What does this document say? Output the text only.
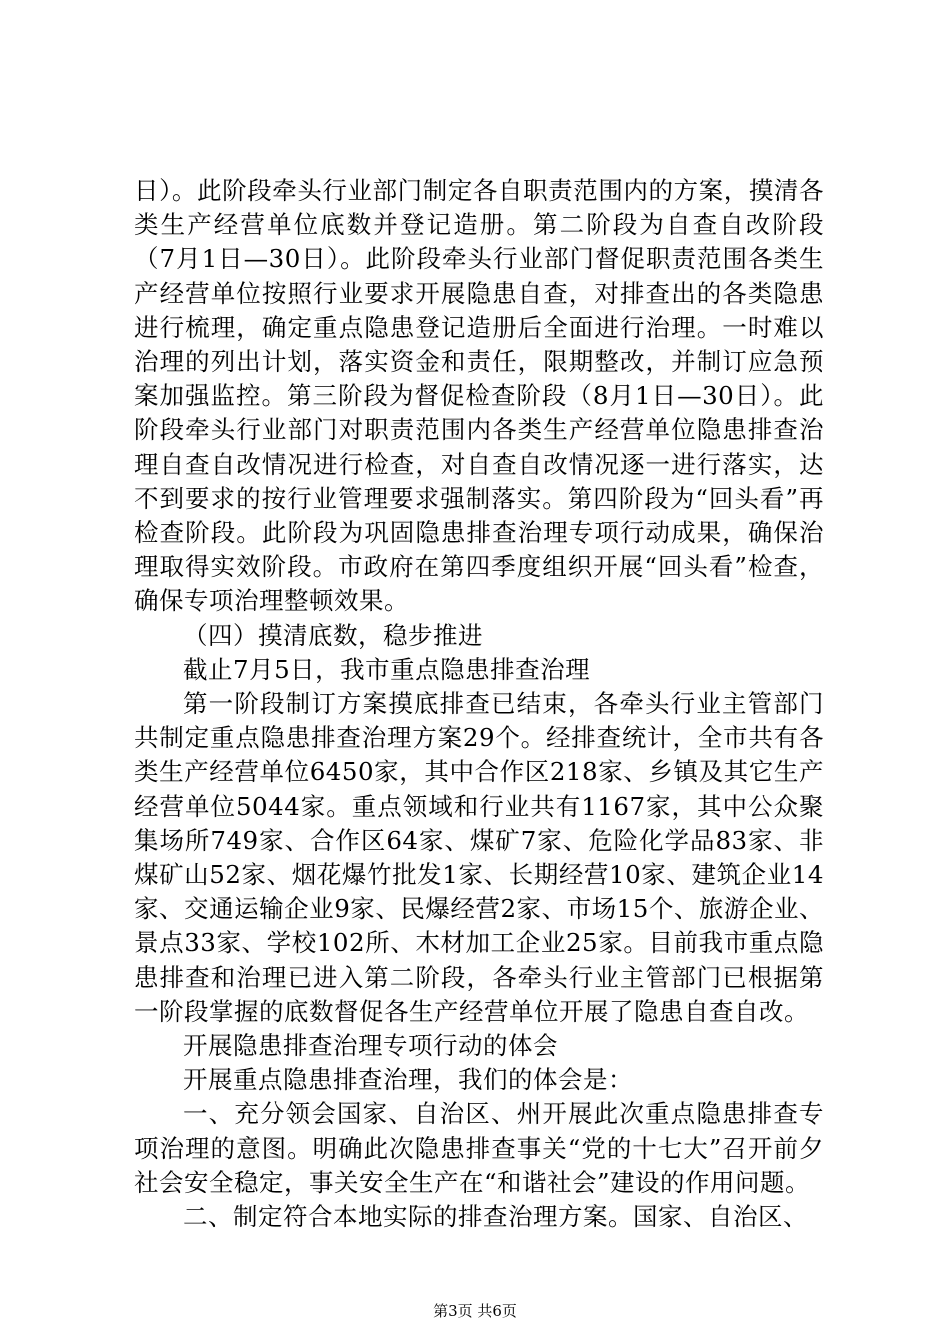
日）。此阶段牵头行业部门制定各自职责范围内的方案，摸清各类生产经营单位底数并登记造册。第二阶段为自查自改阶段（7月1日—30日）。此阶段牵头行业部门督促职责范围各类生产经营单位按照行业要求开展隐患自查，对排查出的各类隐患进行梳理，确定重点隐患登记造册后全面进行治理。一时难以治理的列出计划，落实资金和责任，限期整改，并制订应急预案加强监控。第三阶段为督促检查阶段（8月1日—30日）。此阶段牵头行业部门对职责范围内各类生产经营单位隐患排查治理自查自改情况进行检查，对自查自改情况逐一进行落实，达不到要求的按行业管理要求强制落实。第四阶段为“回头看”再检查阶段。此阶段为巩固隐患排查治理专项行动成果，确保治理取得实效阶段。市政府在第四季度组织开展“回头看”检查，确保专项治理整顿效果。

（四）摸清底数，稳步推进

截止7月5日，我市重点隐患排查治理

第一阶段制订方案摸底排查已结束，各牵头行业主管部门共制定重点隐患排查治理方案29个。经排查统计，全市共有各类生产经营单位6450家，其中合作区218家、乡镇及其它生产经营单位5044家。重点领域和行业共有1167家，其中公众聚集场所749家、合作区64家、煤矿7家、危险化学品83家、非煤矿山52家、烟花爆竹批发1家、长期经营10家、建筑企业14家、交通运输企业9家、民爆经营2家、市场15个、旅游企业、景点33家、学校102所、木材加工企业25家。目前我市重点隐患排查和治理已进入第二阶段，各牵头行业主管部门已根据第一阶段掌握的底数督促各生产经营单位开展了隐患自查自改。

开展隐患排查治理专项行动的体会

开展重点隐患排查治理，我们的体会是：

一、充分领会国家、自治区、州开展此次重点隐患排查专项治理的意图。明确此次隐患排查事关“党的十七大”召开前夕社会安全稳定，事关安全生产在“和谐社会”建设的作用问题。

二、制定符合本地实际的排查治理方案。国家、自治区、

第3页 共6页
